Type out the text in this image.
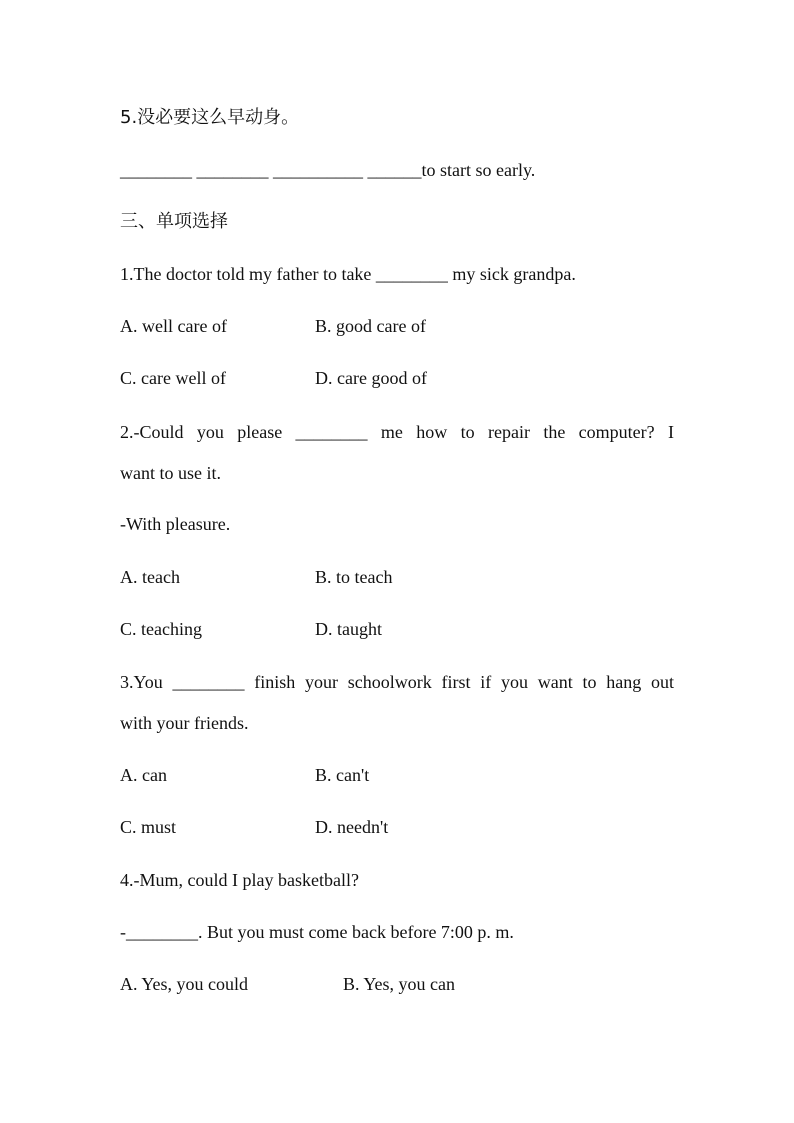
5.没必要这么早动身。
________ ________ __________ ______to start so early.
三、单项选择
1.The doctor told my father to take ________ my sick grandpa.
A. well care of	B. good care of
C. care well of	D. care good of
2.-Could you please ________ me how to repair the computer? I
want to use it.
-With pleasure.
A. teach	B. to teach
C. teaching	D. taught
3.You ________ finish your schoolwork first if you want to hang out
with your friends.
A. can	B. can't
C. must	D. needn't
4.-Mum, could I play basketball?
-________. But you must come back before 7:00 p. m.
A. Yes, you could	B. Yes, you can
